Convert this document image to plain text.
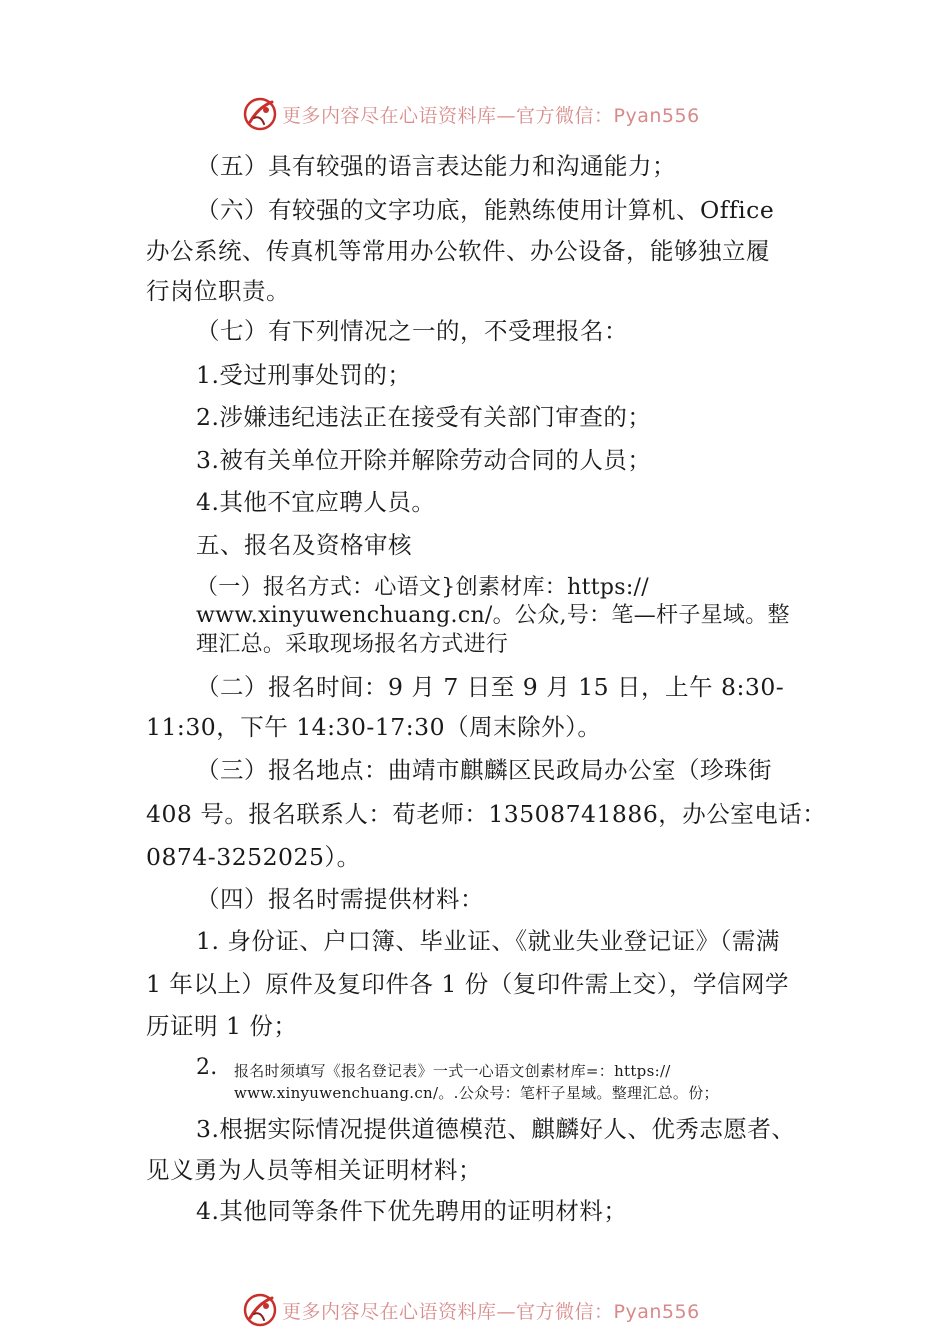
更多内容尽在心语资料库—官方微信：Pyan556
（五）具有较强的语言表达能力和沟通能力；
（六）有较强的文字功底，能熟练使用计算机、Office
办公系统、传真机等常用办公软件、办公设备，能够独立履
行岗位职责。
（七）有下列情况之一的，不受理报名：
1.受过刑事处罚的；
2.涉嫌违纪违法正在接受有关部门审查的；
3.被有关单位开除并解除劳动合同的人员；
4.其他不宜应聘人员。
五、报名及资格审核
（一）报名方式：心语文}创素材库：https://
www.xinyuwenchuang.cn/。公众,号：笔—杆子星域。整
理汇总。采取现场报名方式进行
（二）报名时间：9 月 7 日至 9 月 15 日，上午 8:30-
11:30，下午 14:30-17:30（周末除外）。
（三）报名地点：曲靖市麒麟区民政局办公室（珍珠街
408 号。报名联系人：荀老师：13508741886，办公室电话：
0874-3252025）。
（四）报名时需提供材料：
1. 身份证、户口簿、毕业证、《就业失业登记证》（需满
1 年以上）原件及复印件各 1 份（复印件需上交），学信网学
历证明 1 份；
2. 报名时须填写《报名登记表》一式一心语文创素材库=：https://
www.xinyuwenchuang.cn/。.公众号：笔杆子星域。整理汇总。份；
3.根据实际情况提供道德模范、麒麟好人、优秀志愿者、
见义勇为人员等相关证明材料；
4.其他同等条件下优先聘用的证明材料；
更多内容尽在心语资料库—官方微信：Pyan556
